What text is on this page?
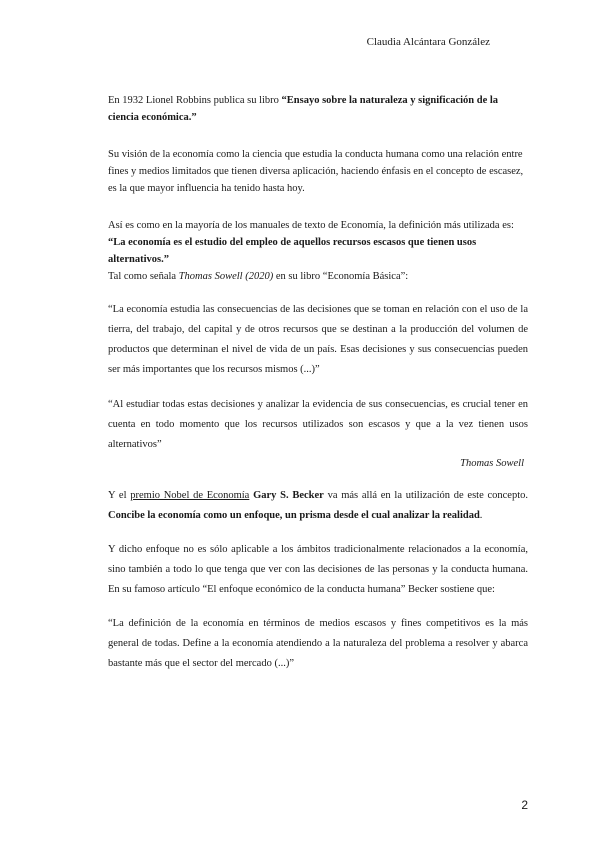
Claudia Alcántara González

En 1932 Lionel Robbins publica su libro “Ensayo sobre la naturaleza y significación de la ciencia económica.”

Su visión de la economía como la ciencia que estudia la conducta humana como una relación entre fines y medios limitados que tienen diversa aplicación, haciendo énfasis en el concepto de escasez, es la que mayor influencia ha tenido hasta hoy.

Así es como en la mayoría de los manuales de texto de Economía, la definición más utilizada es: “La economía es el estudio del empleo de aquellos recursos escasos que tienen usos alternativos.”

Tal como señala Thomas Sowell (2020) en su libro “Economía Básica”:

“La economía estudia las consecuencias de las decisiones que se toman en relación con el uso de la tierra, del trabajo, del capital y de otros recursos que se destinan a la producción del volumen de productos que determinan el nivel de vida de un país. Esas decisiones y sus consecuencias pueden ser más importantes que los recursos mismos (...)”

“Al estudiar todas estas decisiones y analizar la evidencia de sus consecuencias, es crucial tener en cuenta en todo momento que los recursos utilizados son escasos y que a la vez tienen usos alternativos”

Thomas Sowell

Y el premio Nobel de Economía Gary S. Becker va más allá en la utilización de este concepto. Concibe la economía como un enfoque, un prisma desde el cual analizar la realidad.

Y dicho enfoque no es sólo aplicable a los ámbitos tradicionalmente relacionados a la economía, sino también a todo lo que tenga que ver con las decisiones de las personas y la conducta humana. En su famoso artículo “El enfoque económico de la conducta humana” Becker sostiene que:

“La definición de la economía en términos de medios escasos y fines competitivos es la más general de todas. Define a la economía atendiendo a la naturaleza del problema a resolver y abarca bastante más que el sector del mercado (...)”

2
